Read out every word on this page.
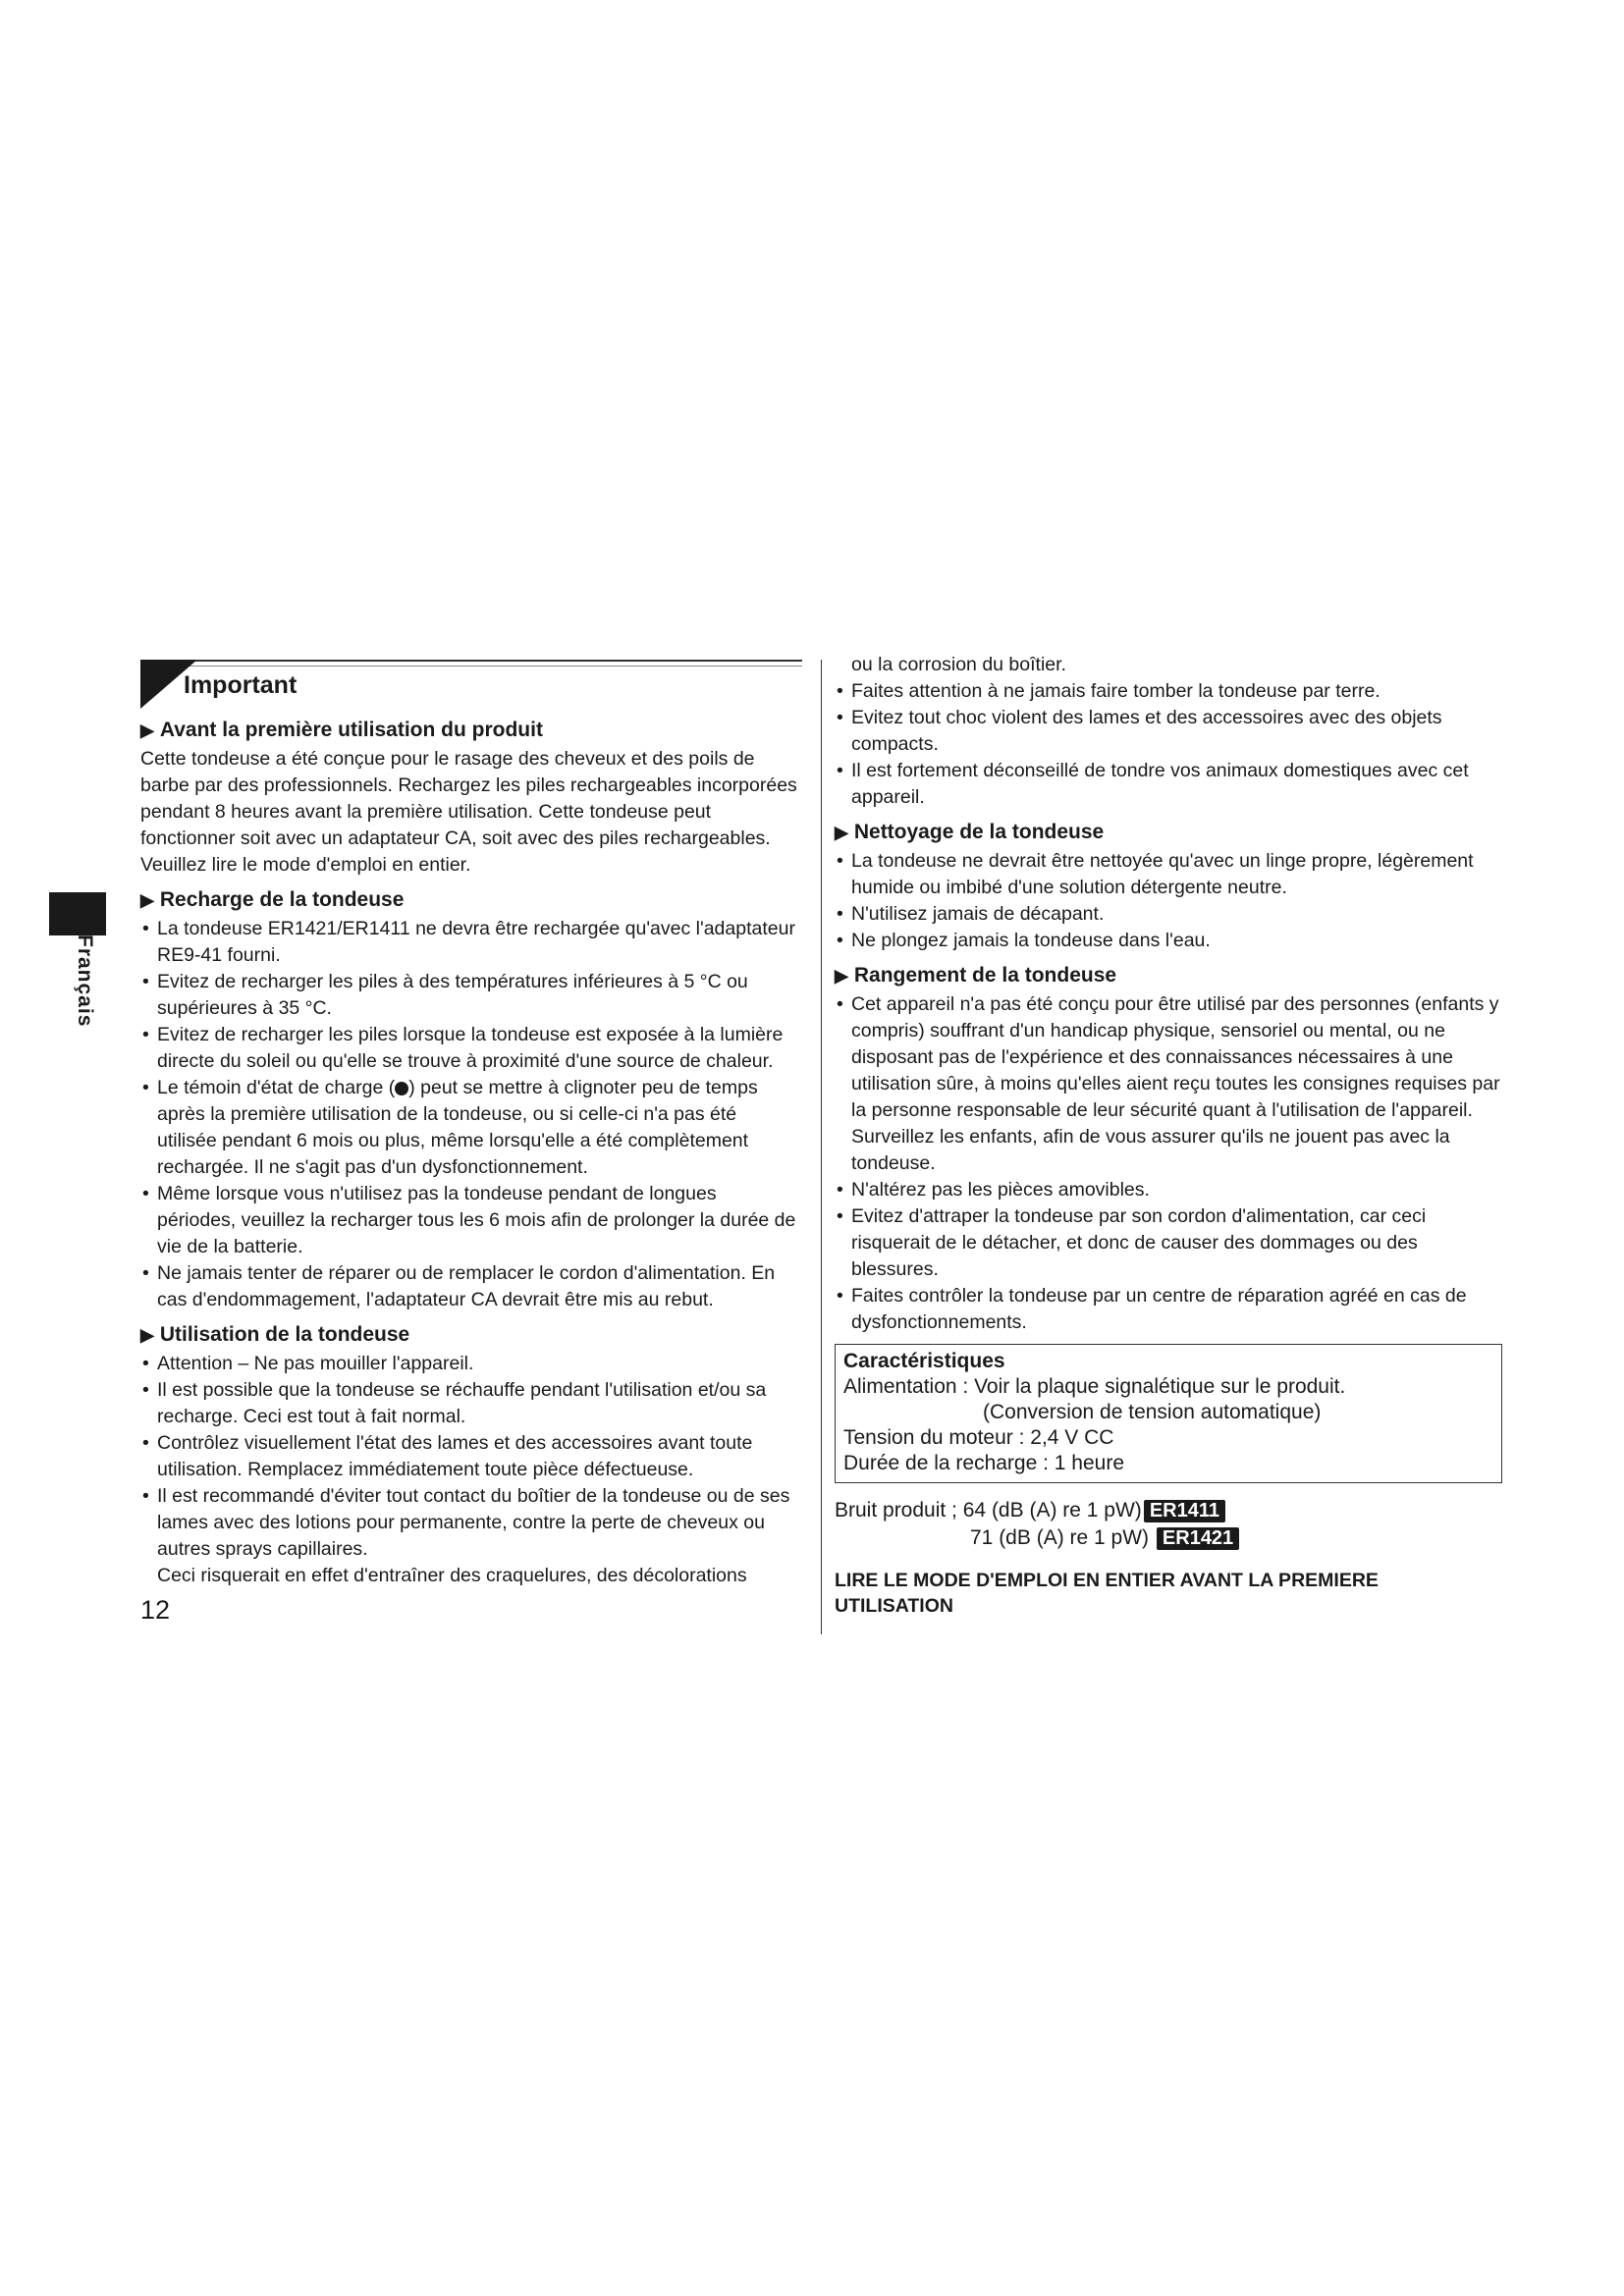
Français
Important
▶ Avant la première utilisation du produit

Cette tondeuse a été conçue pour le rasage des cheveux et des poils de barbe par des professionnels. Rechargez les piles rechargeables incorporées pendant 8 heures avant la première utilisation. Cette tondeuse peut fonctionner soit avec un adaptateur CA, soit avec des piles rechargeables. Veuillez lire le mode d'emploi en entier.

▶ Recharge de la tondeuse
• La tondeuse ER1421/ER1411 ne devra être rechargée qu'avec l'adaptateur RE9-41 fourni.
• Evitez de recharger les piles à des températures inférieures à 5 °C ou supérieures à 35 °C.
• Evitez de recharger les piles lorsque la tondeuse est exposée à la lumière directe du soleil ou qu'elle se trouve à proximité d'une source de chaleur.
• Le témoin d'état de charge ( ) peut se mettre à clignoter peu de temps après la première utilisation de la tondeuse, ou si celle-ci n'a pas été utilisée pendant 6 mois ou plus, même lorsqu'elle a été complètement rechargée. Il ne s'agit pas d'un dysfonctionnement.
• Même lorsque vous n'utilisez pas la tondeuse pendant de longues périodes, veuillez la recharger tous les 6 mois afin de prolonger la durée de vie de la batterie.
• Ne jamais tenter de réparer ou de remplacer le cordon d'alimentation. En cas d'endommagement, l'adaptateur CA devrait être mis au rebut.
▶ Utilisation de la tondeuse
• Attention – Ne pas mouiller l'appareil.
• Il est possible que la tondeuse se réchauffe pendant l'utilisation et/ou sa recharge. Ceci est tout à fait normal.
• Contrôlez visuellement l'état des lames et des accessoires avant toute utilisation. Remplacez immédiatement toute pièce défectueuse.
• Il est recommandé d'éviter tout contact du boîtier de la tondeuse ou de ses lames avec des lotions pour permanente, contre la perte de cheveux ou autres sprays capillaires.
Ceci risquerait en effet d'entraîner des craquelures, des décolorations
12
ou la corrosion du boîtier.
• Faites attention à ne jamais faire tomber la tondeuse par terre.
• Evitez tout choc violent des lames et des accessoires avec des objets compacts.
• Il est fortement déconseillé de tondre vos animaux domestiques avec cet appareil.
▶ Nettoyage de la tondeuse
• La tondeuse ne devrait être nettoyée qu'avec un linge propre, légèrement humide ou imbibé d'une solution détergente neutre.
• N'utilisez jamais de décapant.
• Ne plongez jamais la tondeuse dans l'eau.
▶ Rangement de la tondeuse
• Cet appareil n'a pas été conçu pour être utilisé par des personnes (enfants y compris) souffrant d'un handicap physique, sensoriel ou mental, ou ne disposant pas de l'expérience et des connaissances nécessaires à une utilisation sûre, à moins qu'elles aient reçu toutes les consignes requises par la personne responsable de leur sécurité quant à l'utilisation de l'appareil. Surveillez les enfants, afin de vous assurer qu'ils ne jouent pas avec la tondeuse.
• N'altérez pas les pièces amovibles.
• Evitez d'attraper la tondeuse par son cordon d'alimentation, car ceci risquerait de le détacher, et donc de causer des dommages ou des blessures.
• Faites contrôler la tondeuse par un centre de réparation agréé en cas de dysfonctionnements.
Caractéristiques
Alimentation : Voir la plaque signalétique sur le produit.
(Conversion de tension automatique)
Tension du moteur : 2,4 V CC
Durée de la recharge : 1 heure
Bruit produit ; 64 (dB (A) re 1 pW) ER1411
71 (dB (A) re 1 pW) ER1421
LIRE LE MODE D'EMPLOI EN ENTIER AVANT LA PREMIERE UTILISATION
